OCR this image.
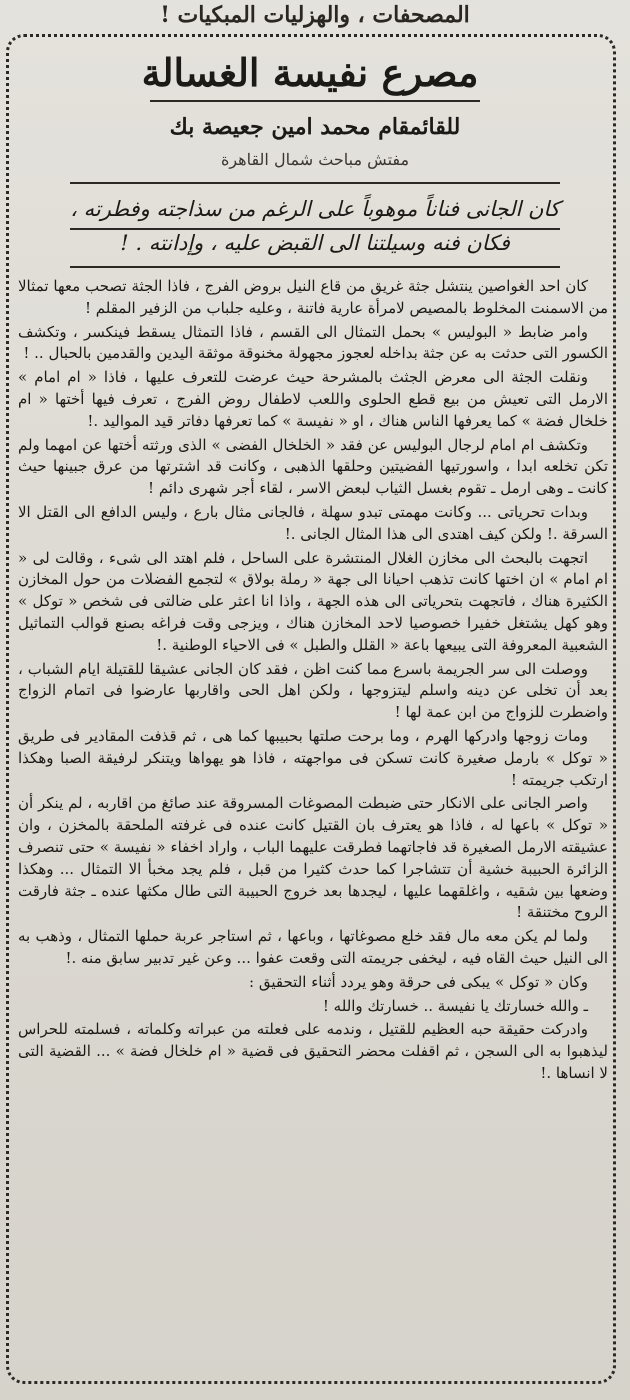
المصحفات ، والهزليات المبكيات !
مصرع نفيسة الغسالة
للقائمقام محمد امين جعيصة بك
مفتش مباحث شمال القاهرة
كان الجانى فناناً موهوباً على الرغم من سذاجته وفطرته ،
فكان فنه وسيلتنا الى القبض عليه ، وإدانته . !

كان احد الغواصين ينتشل جثة غريق من قاع النيل بروض الفرج ، فاذا الجثة تصحب معها تمثالا من الاسمنت المخلوط بالمصيص لامرأة عارية فاتنة ، وعليه جلباب من الزفير المقلم !

وامر ضابط « البوليس » بحمل التمثال الى القسم ، فاذا التمثال يسقط فينكسر ، وتكشف الكسور التى حدثت به عن جثة بداخله لعجوز مجهولة مخنوقة موثقة اليدين والقدمين بالحبال .. !

ونقلت الجثة الى معرض الجثث بالمشرحة حيث عرضت للتعرف عليها ، فاذا « ام امام » الارمل التى تعيش من بيع قطع الحلوى واللعب لاطفال روض الفرج ، تعرف فيها أختها « ام خلخال فضة » كما يعرفها الناس هناك ، او « نفيسة » كما تعرفها دفاتر قيد المواليد .!

وتكشف ام امام لرجال البوليس عن فقد « الخلخال الفضى » الذى ورثته أختها عن امهما ولم تكن تخلعه ابدا ، واسورتيها الفضيتين وحلقها الذهبى ، وكانت قد اشترتها من عرق جبينها حيث كانت ـ وهى ارمل ـ تقوم بغسل الثياب لبعض الاسر ، لقاء أجر شهرى دائم !

وبدات تحرياتى ... وكانت مهمتى تبدو سهلة ، فالجانى مثال بارع ، وليس الدافع الى القتل الا السرقة .! ولكن كيف اهتدى الى هذا المثال الجانى .!

اتجهت بالبحث الى مخازن الغلال المنتشرة على الساحل ، فلم اهتد الى شىء ، وقالت لى « ام امام » ان اختها كانت تذهب احيانا الى جهة « رملة بولاق » لتجمع الفضلات من حول المخازن الكثيرة هناك ، فاتجهت بتحرياتى الى هذه الجهة ، واذا انا اعثر على ضالتى فى شخص « توكل » وهو كهل يشتغل خفيرا خصوصيا لاحد المخازن هناك ، ويزجى وقت فراغه بصنع قوالب التماثيل الشعبية المعروفة التى يبيعها باعة « القلل والطبل » فى الاحياء الوطنية .!

ووصلت الى سر الجريمة باسرع مما كنت اظن ، فقد كان الجانى عشيقا للقتيلة ايام الشباب ، بعد أن تخلى عن دينه واسلم ليتزوجها ، ولكن اهل الحى واقاربها عارضوا فى اتمام الزواج واضطرت للزواج من ابن عمة لها !

ومات زوجها وادركها الهرم ، وما برحت صلتها بحبيبها كما هى ، ثم قذفت المقادير فى طريق « توكل » بارمل صغيرة كانت تسكن فى مواجهته ، فاذا هو يهواها ويتنكر لرفيقة الصبا وهكذا ارتكب جريمته !

واصر الجانى على الانكار حتى ضبطت المصوغات المسروقة عند صائغ من اقاربه ، لم ينكر أن « توكل » باعها له ، فاذا هو يعترف بان القتيل كانت عنده فى غرفته الملحقة بالمخزن ، وان عشيقته الارمل الصغيرة قد فاجاتهما فطرقت عليهما الباب ، واراد اخفاء « نفيسة » حتى تنصرف الزائرة الحبيبة خشية أن تتشاجرا كما حدث كثيرا من قبل ، فلم يجد مخبأ الا التمثال ... وهكذا وضعها بين شقيه ، واغلقهما عليها ، ليجدها بعد خروج الحبيبة التى طال مكثها عنده ـ جثة فارقت الروح مختنقة !

ولما لم يكن معه مال فقد خلع مصوغاتها ، وباعها ، ثم استاجر عربة حملها التمثال ، وذهب به الى النيل حيث القاه فيه ، ليخفى جريمته التى وقعت عفوا ... وعن غير تدبير سابق منه .!

وكان « توكل » يبكى فى حرقة وهو يردد أثناء التحقيق :

ـ والله خسارتك يا نفيسة .. خسارتك والله !

وادركت حقيقة حبه العظيم للقتيل ، وندمه على فعلته من عبراته وكلماته ، فسلمته للحراس ليذهبوا به الى السجن ، ثم اقفلت محضر التحقيق فى قضية « ام خلخال فضة » ... القضية التى لا انساها .!
